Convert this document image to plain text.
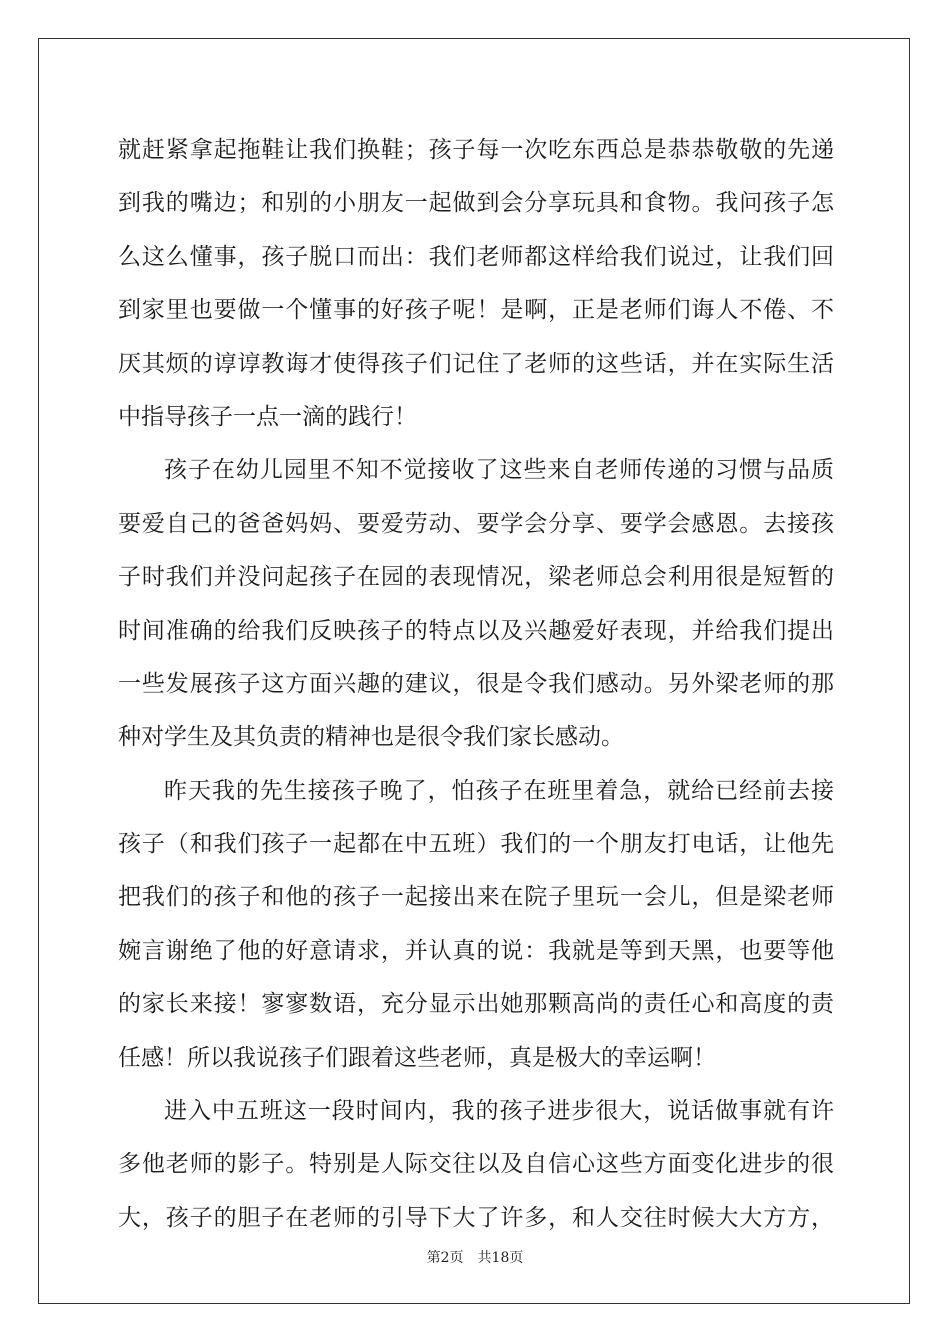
就赶紧拿起拖鞋让我们换鞋；孩子每一次吃东西总是恭恭敬敬的先递
到我的嘴边；和别的小朋友一起做到会分享玩具和食物。我问孩子怎
么这么懂事，孩子脱口而出：我们老师都这样给我们说过，让我们回
到家里也要做一个懂事的好孩子呢！是啊，正是老师们诲人不倦、不
厌其烦的谆谆教诲才使得孩子们记住了老师的这些话，并在实际生活
中指导孩子一点一滴的践行！
孩子在幼儿园里不知不觉接收了这些来自老师传递的习惯与品质
要爱自己的爸爸妈妈、要爱劳动、要学会分享、要学会感恩。去接孩
子时我们并没问起孩子在园的表现情况，梁老师总会利用很是短暂的
时间准确的给我们反映孩子的特点以及兴趣爱好表现，并给我们提出
一些发展孩子这方面兴趣的建议，很是令我们感动。另外梁老师的那
种对学生及其负责的精神也是很令我们家长感动。
昨天我的先生接孩子晚了，怕孩子在班里着急，就给已经前去接
孩子（和我们孩子一起都在中五班）我们的一个朋友打电话，让他先
把我们的孩子和他的孩子一起接出来在院子里玩一会儿，但是梁老师
婉言谢绝了他的好意请求，并认真的说：我就是等到天黑，也要等他
的家长来接！寥寥数语，充分显示出她那颗高尚的责任心和高度的责
任感！所以我说孩子们跟着这些老师，真是极大的幸运啊！
进入中五班这一段时间内，我的孩子进步很大，说话做事就有许
多他老师的影子。特别是人际交往以及自信心这些方面变化进步的很
大，孩子的胆子在老师的引导下大了许多，和人交往时候大大方方，
第2页 共18页
